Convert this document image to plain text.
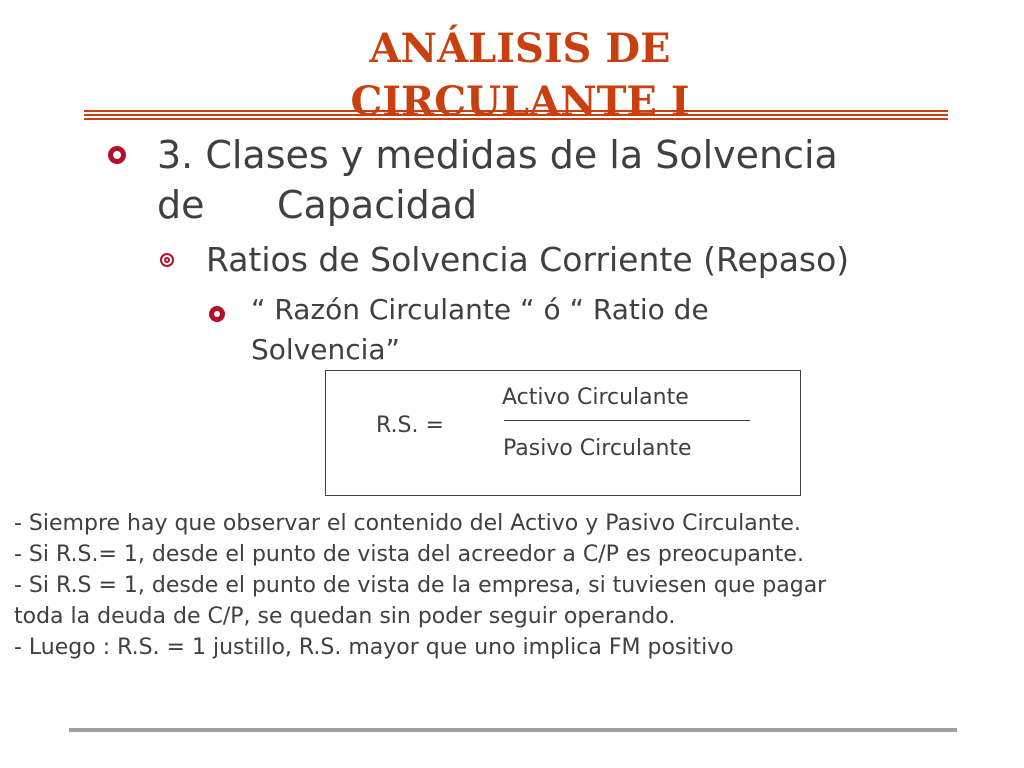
ANÁLISIS DE CIRCULANTE I
3. Clases y medidas de la Solvencia de      Capacidad
Ratios de Solvencia Corriente (Repaso)
“ Razón Circulante “ ó “ Ratio de Solvencia”
R.S. =
Activo Circulante
Pasivo Circulante
- Siempre hay que observar el contenido del Activo y Pasivo Circulante.
- Si R.S.= 1, desde el punto de vista del acreedor a C/P es preocupante.
- Si R.S = 1, desde el punto de vista de la empresa, si tuviesen que pagar
toda la deuda de C/P, se quedan sin poder seguir operando.
- Luego : R.S. = 1 justillo, R.S. mayor que uno implica FM positivo
